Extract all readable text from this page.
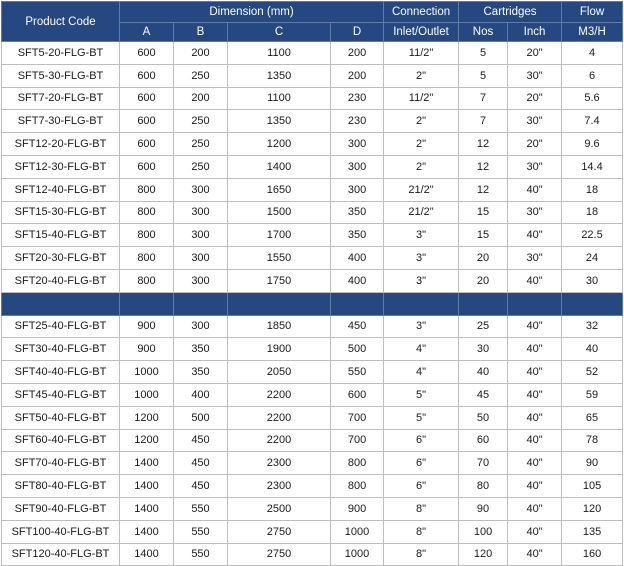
Product Code	Dimension (mm)				Connection	Cartridges		Flow
	A	B	C	D	Inlet/Outlet	Nos	Inch	M3/H
SFT5-20-FLG-BT	600	200	1100	200	11/2"	5	20"	4
SFT5-30-FLG-BT	600	250	1350	200	2"	5	30"	6
SFT7-20-FLG-BT	600	200	1100	230	11/2"	7	20"	5.6
SFT7-30-FLG-BT	600	250	1350	230	2"	7	30"	7.4
SFT12-20-FLG-BT	600	250	1200	300	2"	12	20"	9.6
SFT12-30-FLG-BT	600	250	1400	300	2"	12	30"	14.4
SFT12-40-FLG-BT	800	300	1650	300	21/2"	12	40"	18
SFT15-30-FLG-BT	800	300	1500	350	21/2"	15	30"	18
SFT15-40-FLG-BT	800	300	1700	350	3"	15	40"	22.5
SFT20-30-FLG-BT	800	300	1550	400	3"	20	30"	24
SFT20-40-FLG-BT	800	300	1750	400	3"	20	40"	30

SFT25-40-FLG-BT	900	300	1850	450	3"	25	40"	32
SFT30-40-FLG-BT	900	350	1900	500	4"	30	40"	40
SFT40-40-FLG-BT	1000	350	2050	550	4"	40	40"	52
SFT45-40-FLG-BT	1000	400	2200	600	5"	45	40"	59
SFT50-40-FLG-BT	1200	500	2200	700	5"	50	40"	65
SFT60-40-FLG-BT	1200	450	2200	700	6"	60	40"	78
SFT70-40-FLG-BT	1400	450	2300	800	6"	70	40"	90
SFT80-40-FLG-BT	1400	450	2300	800	6"	80	40"	105
SFT90-40-FLG-BT	1400	550	2500	900	8"	90	40"	120
SFT100-40-FLG-BT	1400	550	2750	1000	8"	100	40"	135
SFT120-40-FLG-BT	1400	550	2750	1000	8"	120	40"	160
